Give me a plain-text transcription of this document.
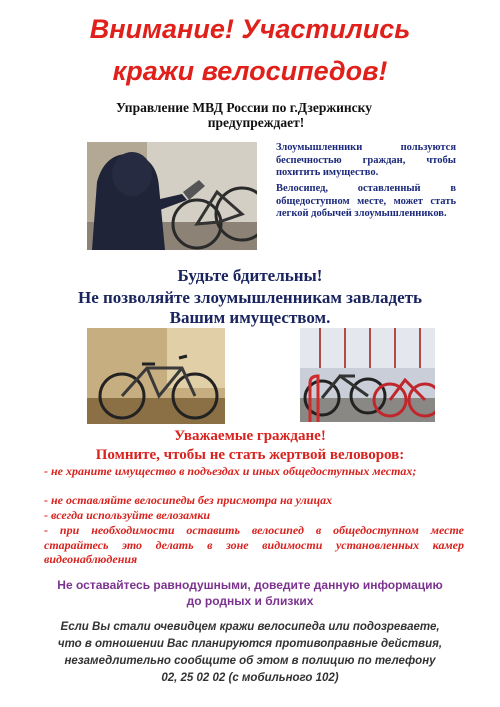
Внимание! Участились
кражи велосипедов!
Управление МВД России по г.Дзержинску
предупреждает!
Злоумышленники пользуются беспечностью граждан, чтобы похитить имущество.
Велосипед, оставленный в общедоступном месте, может стать легкой добычей злоумышленников.
Будьте бдительны!
Не позволяйте злоумышленникам завладеть
Вашим имуществом.
Уважаемые граждане!
Помните, чтобы не стать жертвой веловоров:
- не храните имущество в подъездах и иных общедоступных местах;
- не оставляйте велосипеды без присмотра на улицах
- всегда используйте велозамки
- при необходимости оставить велосипед в общедоступном месте старайтесь это делать в зоне видимости установленных камер видеонаблюдения
Не оставайтесь равнодушными, доведите данную информацию
до родных и близких
Если Вы стали очевидцем кражи велосипеда или подозреваете,
что в отношении Вас планируются противоправные действия,
незамедлительно сообщите об этом в полицию по телефону
02, 25 02 02 (с мобильного 102)
